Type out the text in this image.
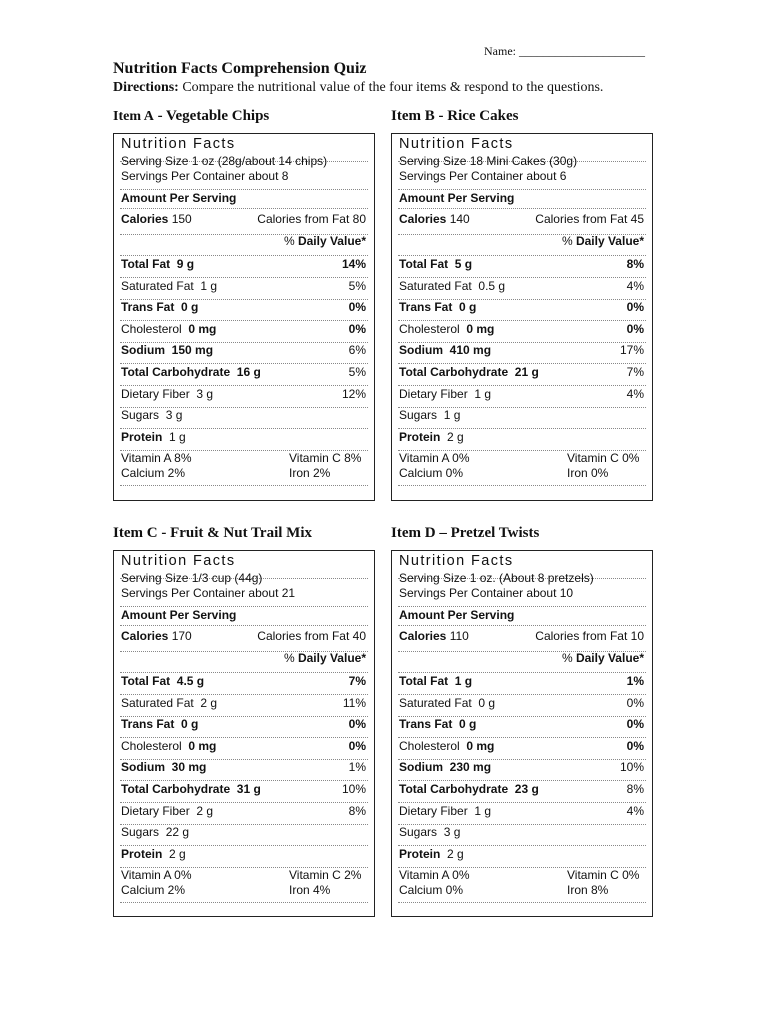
Name: _____________________
Nutrition Facts Comprehension Quiz
Directions: Compare the nutritional value of the four items & respond to the questions.
Item A - Vegetable Chips
Nutrition Facts
Serving Size 1 oz (28g/about 14 chips)
Servings Per Container about 8
Amount Per Serving
Calories 150	Calories from Fat 80
% Daily Value*
Total Fat 9 g	14%
Saturated Fat 1 g	5%
Trans Fat 0 g	0%
Cholesterol 0 mg	0%
Sodium 150 mg	6%
Total Carbohydrate 16 g	5%
Dietary Fiber 3 g	12%
Sugars 3 g
Protein 1 g
Vitamin A 8%	Vitamin C 8%
Calcium 2%	Iron 2%
Item B - Rice Cakes
Nutrition Facts
Serving Size 18 Mini Cakes (30g)
Servings Per Container about 6
Amount Per Serving
Calories 140	Calories from Fat 45
% Daily Value*
Total Fat 5 g	8%
Saturated Fat 0.5 g	4%
Trans Fat 0 g	0%
Cholesterol 0 mg	0%
Sodium 410 mg	17%
Total Carbohydrate 21 g	7%
Dietary Fiber 1 g	4%
Sugars 1 g
Protein 2 g
Vitamin A 0%	Vitamin C 0%
Calcium 0%	Iron 0%
Item C - Fruit & Nut Trail Mix
Nutrition Facts
Serving Size 1/3 cup (44g)
Servings Per Container about 21
Amount Per Serving
Calories 170	Calories from Fat 40
% Daily Value*
Total Fat 4.5 g	7%
Saturated Fat 2 g	11%
Trans Fat 0 g	0%
Cholesterol 0 mg	0%
Sodium 30 mg	1%
Total Carbohydrate 31 g	10%
Dietary Fiber 2 g	8%
Sugars 22 g
Protein 2 g
Vitamin A 0%	Vitamin C 2%
Calcium 2%	Iron 4%
Item D – Pretzel Twists
Nutrition Facts
Serving Size 1 oz. (About 8 pretzels)
Servings Per Container about 10
Amount Per Serving
Calories 110	Calories from Fat 10
% Daily Value*
Total Fat 1 g	1%
Saturated Fat 0 g	0%
Trans Fat 0 g	0%
Cholesterol 0 mg	0%
Sodium 230 mg	10%
Total Carbohydrate 23 g	8%
Dietary Fiber 1 g	4%
Sugars 3 g
Protein 2 g
Vitamin A 0%	Vitamin C 0%
Calcium 0%	Iron 8%
